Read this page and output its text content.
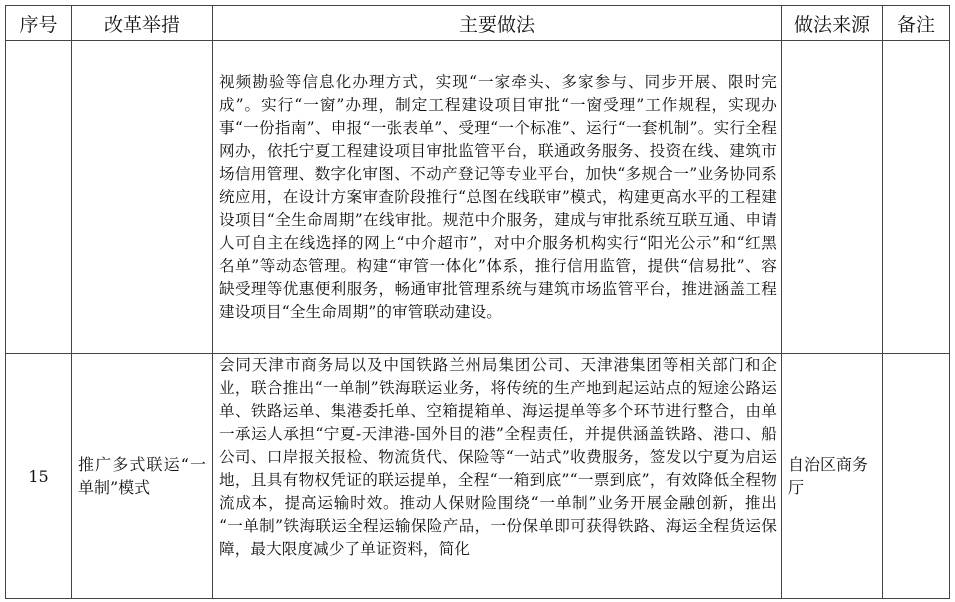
序号	改革举措	主要做法	做法来源	备注
		视频勘验等信息化办理方式，实现“一家牵头、多家参与、同步开展、限时完成”。实行“一窗”办理，制定工程建设项目审批“一窗受理”工作规程，实现办事“一份指南”、申报“一张表单”、受理“一个标准”、运行“一套机制”。实行全程网办，依托宁夏工程建设项目审批监管平台，联通政务服务、投资在线、建筑市场信用管理、数字化审图、不动产登记等专业平台，加快“多规合一”业务协同系统应用，在设计方案审查阶段推行“总图在线联审”模式，构建更高水平的工程建设项目“全生命周期”在线审批。规范中介服务，建成与审批系统互联互通、申请人可自主在线选择的网上“中介超市”，对中介服务机构实行“阳光公示”和“红黑名单”等动态管理。构建“审管一体化”体系，推行信用监管，提供“信易批”、容缺受理等优惠便利服务，畅通审批管理系统与建筑市场监管平台，推进涵盖工程建设项目“全生命周期”的审管联动建设。		
15	推广多式联运“一单制”模式	会同天津市商务局以及中国铁路兰州局集团公司、天津港集团等相关部门和企业，联合推出“一单制”铁海联运业务，将传统的生产地到起运站点的短途公路运单、铁路运单、集港委托单、空箱提箱单、海运提单等多个环节进行整合，由单一承运人承担“宁夏-天津港-国外目的港”全程责任，并提供涵盖铁路、港口、船公司、口岸报关报检、物流货代、保险等“一站式”收费服务，签发以宁夏为启运地，且具有物权凭证的联运提单，全程“一箱到底”“一票到底”，有效降低全程物流成本，提高运输时效。推动人保财险围绕“一单制”业务开展金融创新，推出 “一单制”铁海联运全程运输保险产品，一份保单即可获得铁路、海运全程货运保障，最大限度减少了单证资料，简化	自治区商务厅	
